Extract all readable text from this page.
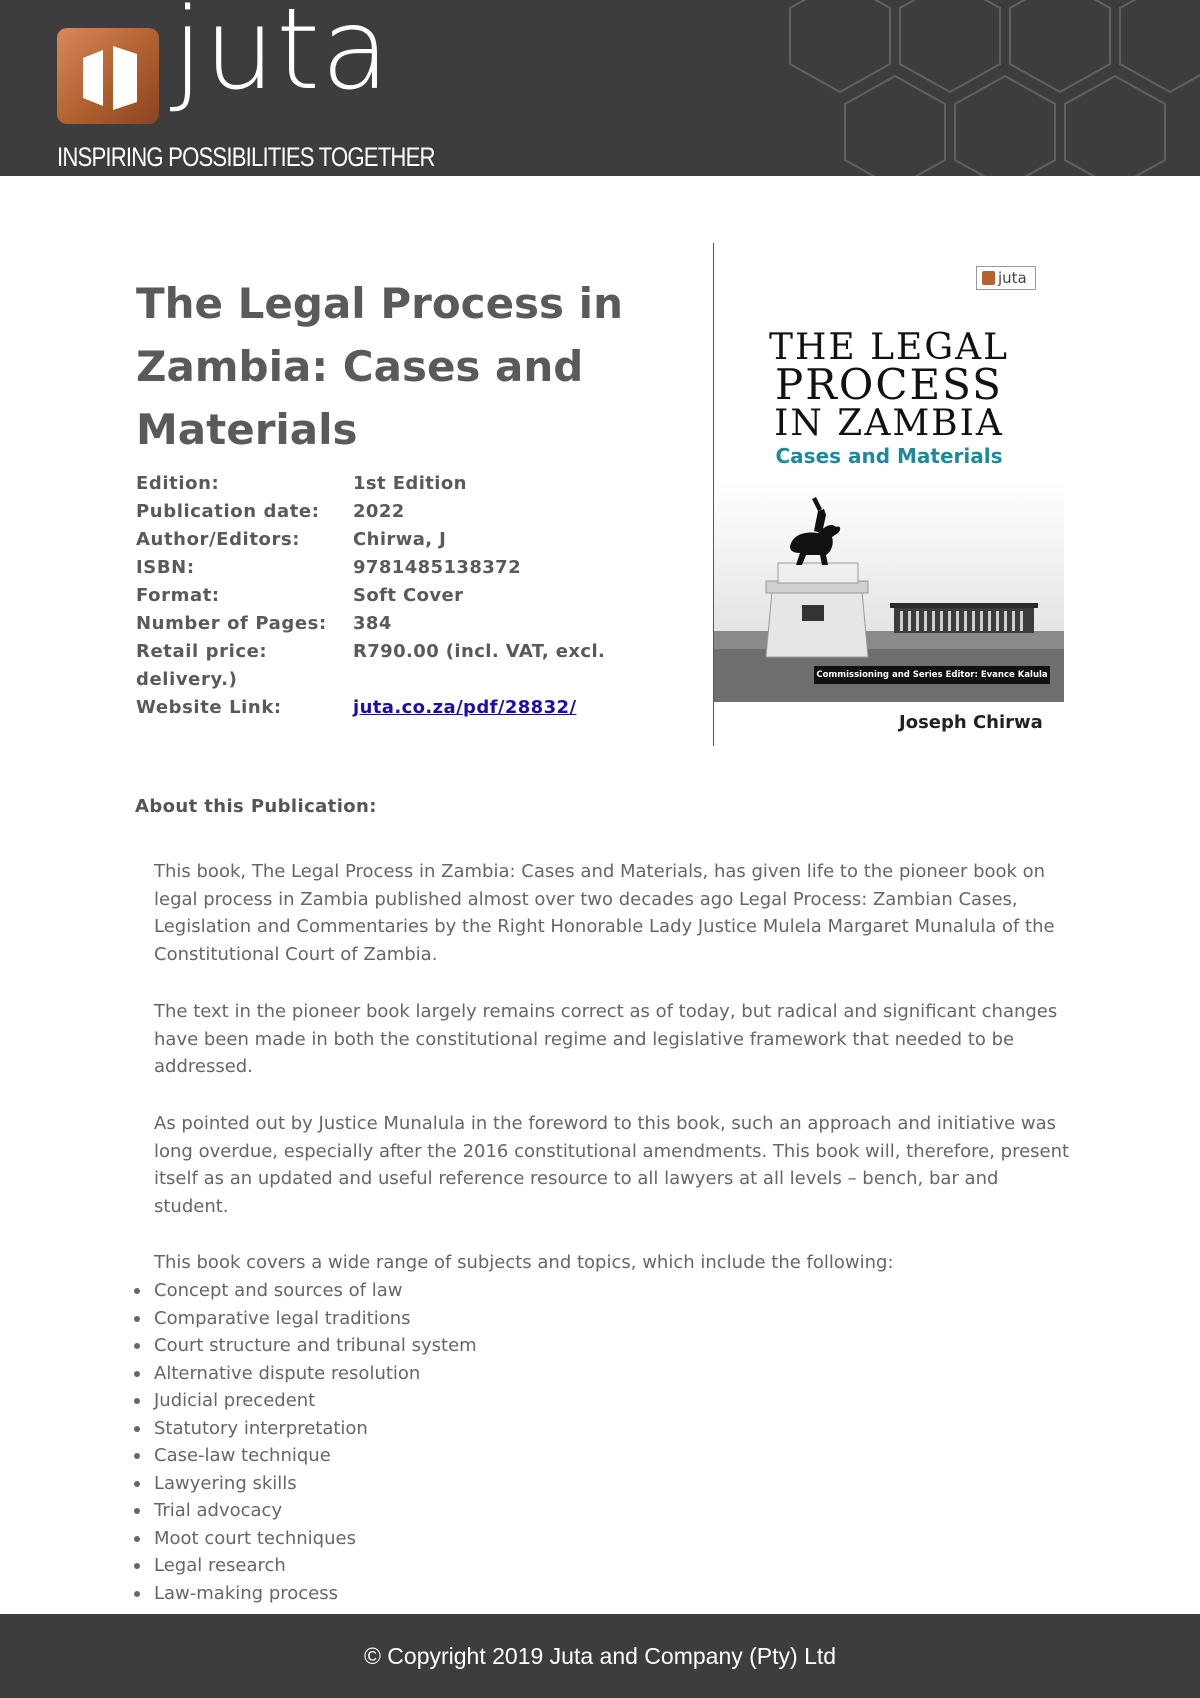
juta
INSPIRING POSSIBILITIES TOGETHER
The Legal Process in Zambia: Cases and Materials
Edition:	1st Edition
Publication date:	2022
Author/Editors:	Chirwa, J
ISBN:	9781485138372
Format:	Soft Cover
Number of Pages:	384
Retail price:	R790.00 (incl. VAT, excl.
delivery.)
Website Link:	juta.co.za/pdf/28832/
juta
THE LEGAL
PROCESS
IN ZAMBIA
Cases and Materials
Commissioning and Series Editor: Evance Kalula
Joseph Chirwa
About this Publication:

This book, The Legal Process in Zambia: Cases and Materials, has given life to the pioneer book on legal process in Zambia published almost over two decades ago Legal Process: Zambian Cases, Legislation and Commentaries by the Right Honorable Lady Justice Mulela Margaret Munalula of the Constitutional Court of Zambia.

The text in the pioneer book largely remains correct as of today, but radical and significant changes have been made in both the constitutional regime and legislative framework that needed to be addressed.

As pointed out by Justice Munalula in the foreword to this book, such an approach and initiative was long overdue, especially after the 2016 constitutional amendments. This book will, therefore, present itself as an updated and useful reference resource to all lawyers at all levels – bench, bar and student.

This book covers a wide range of subjects and topics, which include the following:

Concept and sources of law
Comparative legal traditions
Court structure and tribunal system
Alternative dispute resolution
Judicial precedent
Statutory interpretation
Case-law technique
Lawyering skills
Trial advocacy
Moot court techniques
Legal research
Law-making process
© Copyright 2019 Juta and Company (Pty) Ltd
